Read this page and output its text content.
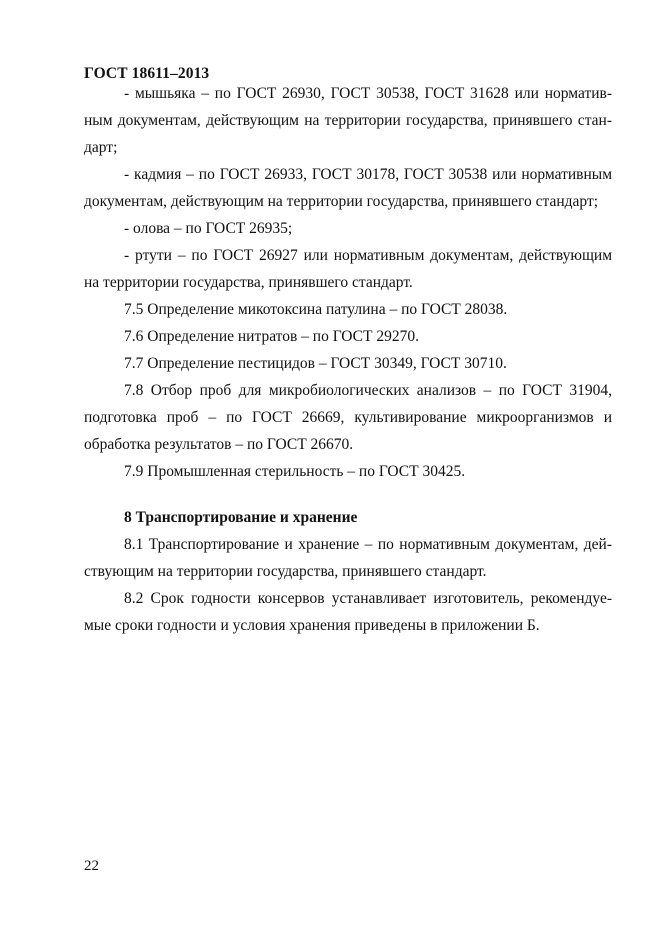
ГОСТ 18611–2013

- мышьяка – по ГОСТ 26930, ГОСТ 30538, ГОСТ 31628 или норматив-ным документам, действующим на территории государства, принявшего стан-дарт;

- кадмия – по ГОСТ 26933, ГОСТ 30178, ГОСТ 30538 или нормативным документам, действующим на территории государства, принявшего стандарт;

- олова – по ГОСТ 26935;

- ртути – по ГОСТ 26927 или нормативным документам, действующим на территории государства, принявшего стандарт.

7.5 Определение микотоксина патулина – по ГОСТ 28038.

7.6 Определение нитратов – по ГОСТ 29270.

7.7 Определение пестицидов – ГОСТ 30349, ГОСТ 30710.

7.8 Отбор проб для микробиологических анализов – по ГОСТ 31904, подготовка проб – по ГОСТ 26669, культивирование микроорганизмов и обработка результатов – по ГОСТ 26670.

7.9 Промышленная стерильность – по ГОСТ 30425.

8 Транспортирование и хранение

8.1 Транспортирование и хранение – по нормативным документам, дей-ствующим на территории государства, принявшего стандарт.

8.2 Срок годности консервов устанавливает изготовитель, рекомендуе-мые сроки годности и условия хранения приведены в приложении Б.

22
